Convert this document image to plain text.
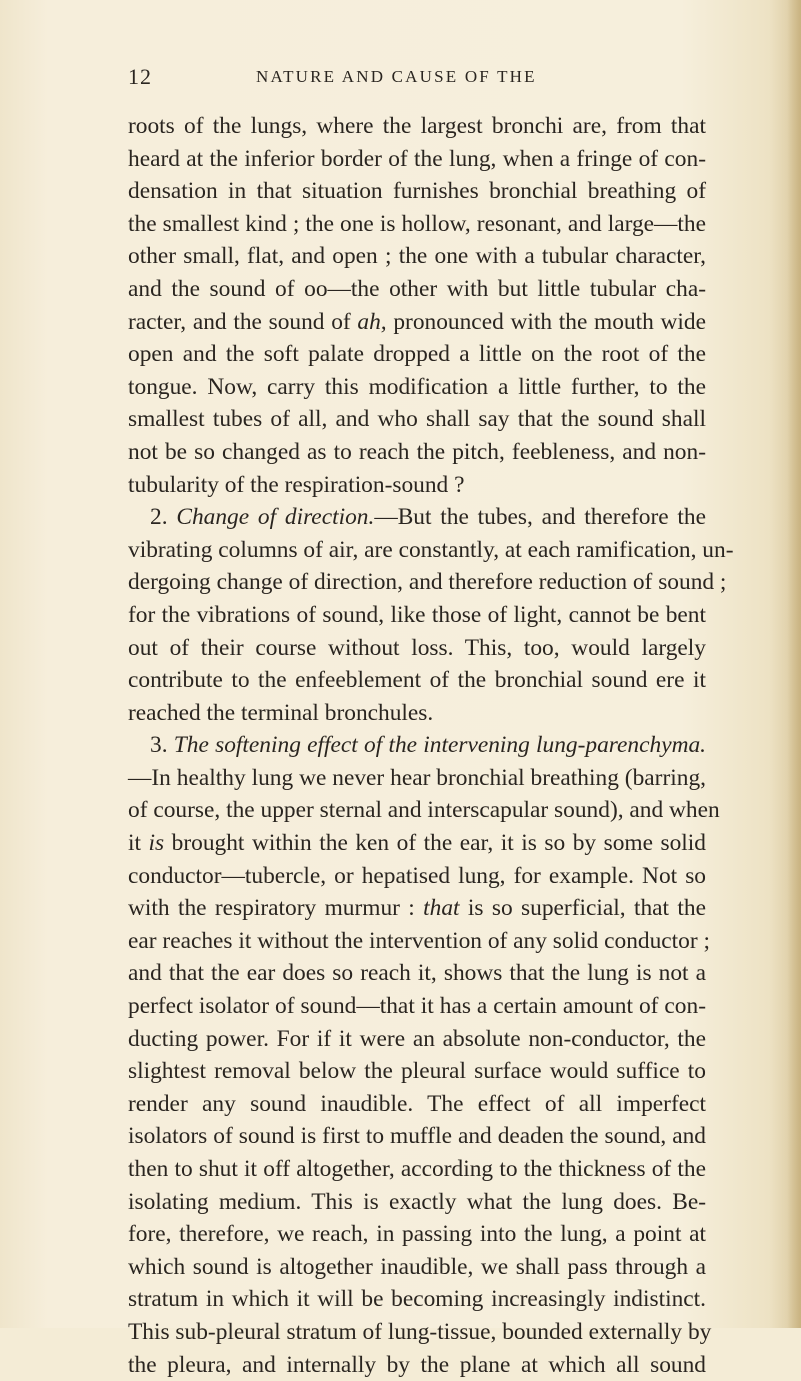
12	NATURE AND CAUSE OF THE
roots of the lungs, where the largest bronchi are, from that
heard at the inferior border of the lung, when a fringe of con-
densation in that situation furnishes bronchial breathing of
the smallest kind ; the one is hollow, resonant, and large—the
other small, flat, and open ; the one with a tubular character,
and the sound of oo—the other with but little tubular cha-
racter, and the sound of ah, pronounced with the mouth wide
open and the soft palate dropped a little on the root of the
tongue. Now, carry this modification a little further, to the
smallest tubes of all, and who shall say that the sound shall
not be so changed as to reach the pitch, feebleness, and non-
tubularity of the respiration-sound ?
2. Change of direction.—But the tubes, and therefore the
vibrating columns of air, are constantly, at each ramification, un-
dergoing change of direction, and therefore reduction of sound ;
for the vibrations of sound, like those of light, cannot be bent
out of their course without loss. This, too, would largely
contribute to the enfeeblement of the bronchial sound ere it
reached the terminal bronchules.
3. The softening effect of the intervening lung-parenchyma.
—In healthy lung we never hear bronchial breathing (barring,
of course, the upper sternal and interscapular sound), and when
it is brought within the ken of the ear, it is so by some solid
conductor—tubercle, or hepatised lung, for example. Not so
with the respiratory murmur : that is so superficial, that the
ear reaches it without the intervention of any solid conductor ;
and that the ear does so reach it, shows that the lung is not a
perfect isolator of sound—that it has a certain amount of con-
ducting power. For if it were an absolute non-conductor, the
slightest removal below the pleural surface would suffice to
render any sound inaudible. The effect of all imperfect
isolators of sound is first to muffle and deaden the sound, and
then to shut it off altogether, according to the thickness of the
isolating medium. This is exactly what the lung does. Be-
fore, therefore, we reach, in passing into the lung, a point at
which sound is altogether inaudible, we shall pass through a
stratum in which it will be becoming increasingly indistinct.
This sub-pleural stratum of lung-tissue, bounded externally by
the pleura, and internally by the plane at which all sound
